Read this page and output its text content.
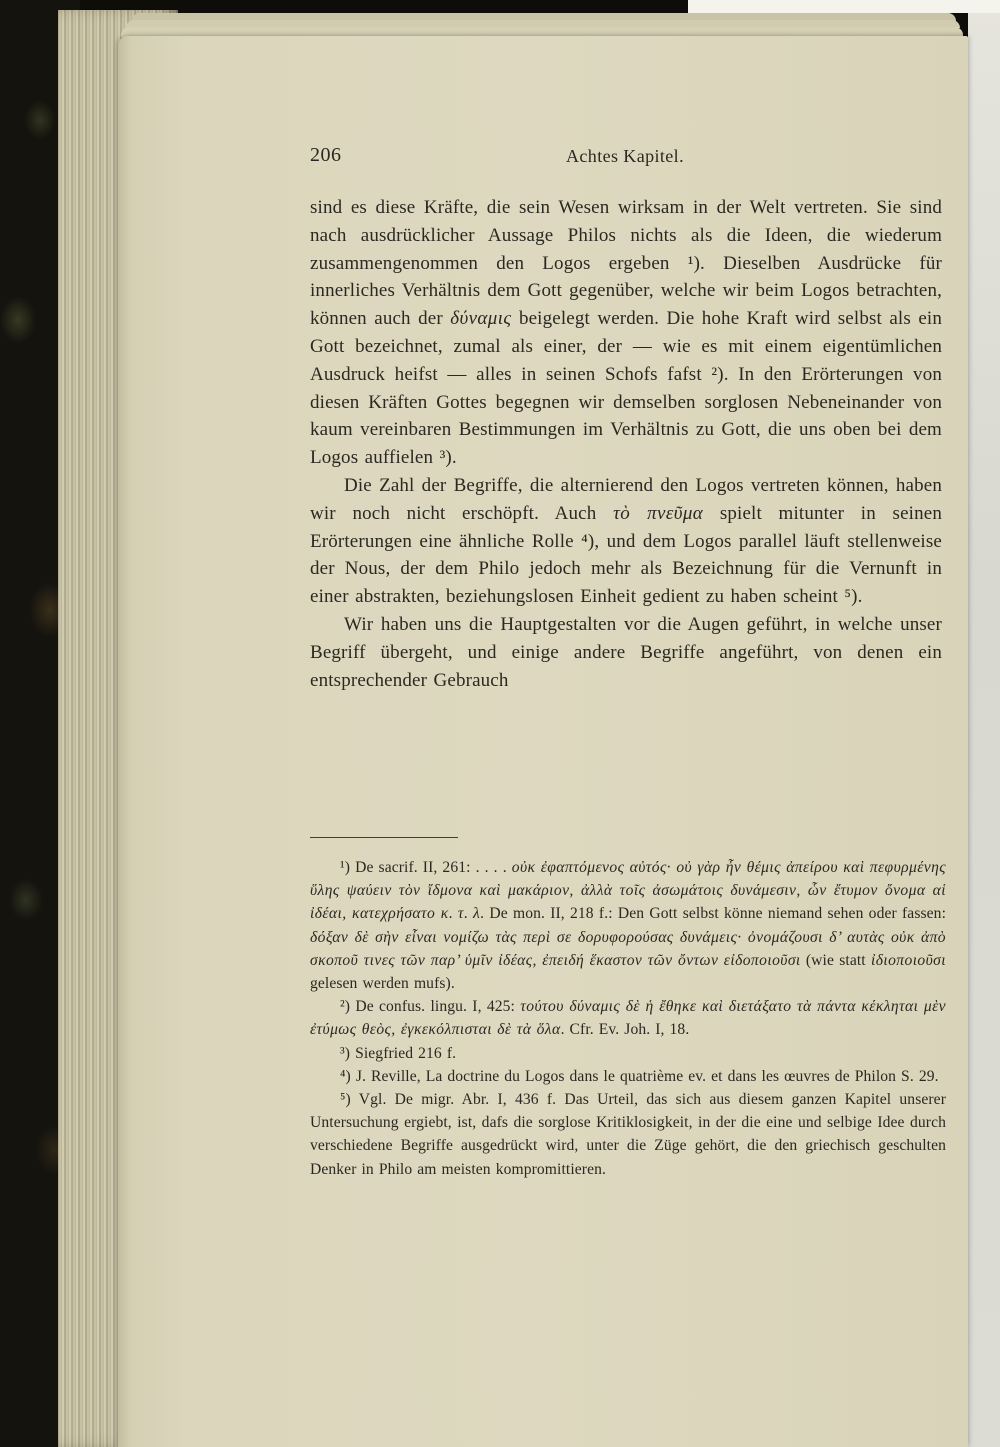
206	Achtes Kapitel.

sind es diese Kräfte, die sein Wesen wirksam in der Welt vertreten. Sie sind nach ausdrücklicher Aussage Philos nichts als die Ideen, die wiederum zusammengenommen den Logos ergeben ¹). Dieselben Ausdrücke für innerliches Verhältnis dem Gott gegenüber, welche wir beim Logos betrachten, können auch der δύναμις beigelegt werden. Die hohe Kraft wird selbst als ein Gott bezeichnet, zumal als einer, der — wie es mit einem eigentümlichen Ausdruck heifst — alles in seinen Schofs fafst ²). In den Erörterungen von diesen Kräften Gottes begegnen wir demselben sorglosen Nebeneinander von kaum vereinbaren Bestimmungen im Verhältnis zu Gott, die uns oben bei dem Logos auffielen ³).

Die Zahl der Begriffe, die alternierend den Logos vertreten können, haben wir noch nicht erschöpft. Auch τὸ πνεῦμα spielt mitunter in seinen Erörterungen eine ähnliche Rolle ⁴), und dem Logos parallel läuft stellenweise der Nous, der dem Philo jedoch mehr als Bezeichnung für die Vernunft in einer abstrakten, beziehungslosen Einheit gedient zu haben scheint ⁵).

Wir haben uns die Hauptgestalten vor die Augen geführt, in welche unser Begriff übergeht, und einige andere Begriffe angeführt, von denen ein entsprechender Gebrauch

¹) De sacrif. II, 261: . . . . οὐκ ἐφαπτόμενος αὐτός· οὐ γὰρ ἦν θέμις ἀπείρου καὶ πεφυρμένης ὕλης ψαύειν τὸν ἴδμονα καὶ μακάριον, ἀλλὰ τοῖς ἀσωμάτοις δυνάμεσιν, ὧν ἔτυμον ὄνομα αἱ ἰδέαι, κατεχρήσατο κ. τ. λ. De mon. II, 218 f.: Den Gott selbst könne niemand sehen oder fassen: δόξαν δὲ σὴν εἶναι νομίζω τὰς περὶ σε δορυφορούσας δυνάμεις· ὀνομάζουσι δ’ αυτὰς οὐκ ἀπὸ σκοποῦ τινες τῶν παρ’ ὑμῖν ἰδέας, ἐπειδή ἕκαστον τῶν ὄντων εἰδοποιοῦσι (wie statt ἰδιοποιοῦσι gelesen werden mufs).

²) De confus. lingu. I, 425: τούτου δύναμις δὲ ἡ ἔθηκε καὶ διετάξατο τὰ πάντα κέκληται μὲν ἐτύμως θεὸς, ἐγκεκόλπισται δὲ τὰ ὅλα. Cfr. Ev. Joh. I, 18.

³) Siegfried 216 f.

⁴) J. Reville, La doctrine du Logos dans le quatrième ev. et dans les œuvres de Philon S. 29.

⁵) Vgl. De migr. Abr. I, 436 f. Das Urteil, das sich aus diesem ganzen Kapitel unserer Untersuchung ergiebt, ist, dafs die sorglose Kritiklosigkeit, in der die eine und selbige Idee durch verschiedene Begriffe ausgedrückt wird, unter die Züge gehört, die den griechisch geschulten Denker in Philo am meisten kompromittieren.
